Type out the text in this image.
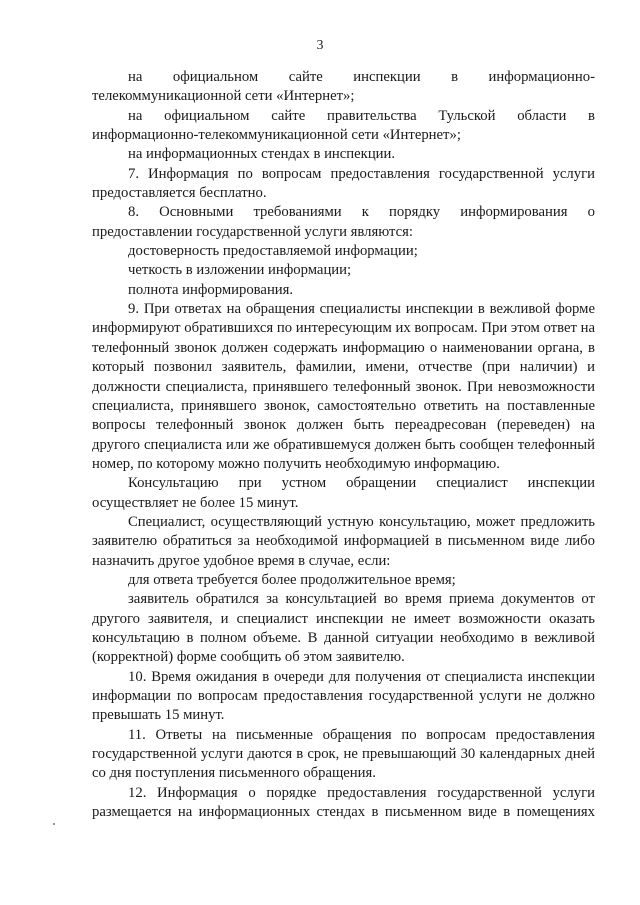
3

на официальном сайте инспекции в информационно-телекоммуникационной сети «Интернет»;

на официальном сайте правительства Тульской области в информационно-телекоммуникационной сети «Интернет»;

на информационных стендах в инспекции.

7. Информация по вопросам предоставления государственной услуги предоставляется бесплатно.

8. Основными требованиями к порядку информирования о предоставлении государственной услуги являются:

достоверность предоставляемой информации;

четкость в изложении информации;

полнота информирования.

9. При ответах на обращения специалисты инспекции в вежливой форме информируют обратившихся по интересующим их вопросам. При этом ответ на телефонный звонок должен содержать информацию о наименовании органа, в который позвонил заявитель, фамилии, имени, отчестве (при наличии) и должности специалиста, принявшего телефонный звонок. При невозможности специалиста, принявшего звонок, самостоятельно ответить на поставленные вопросы телефонный звонок должен быть переадресован (переведен) на другого специалиста или же обратившемуся должен быть сообщен телефонный номер, по которому можно получить необходимую информацию.

Консультацию при устном обращении специалист инспекции осуществляет не более 15 минут.

Специалист, осуществляющий устную консультацию, может предложить заявителю обратиться за необходимой информацией в письменном виде либо назначить другое удобное время в случае, если:

для ответа требуется более продолжительное время;

заявитель обратился за консультацией во время приема документов от другого заявителя, и специалист инспекции не имеет возможности оказать консультацию в полном объеме. В данной ситуации необходимо в вежливой (корректной) форме сообщить об этом заявителю.

10. Время ожидания в очереди для получения от специалиста инспекции информации по вопросам предоставления государственной услуги не должно превышать 15 минут.

11. Ответы на письменные обращения по вопросам предоставления государственной услуги даются в срок, не превышающий 30 календарных дней со дня поступления письменного обращения.

12. Информация о порядке предоставления государственной услуги размещается на информационных стендах в письменном виде в помещениях
